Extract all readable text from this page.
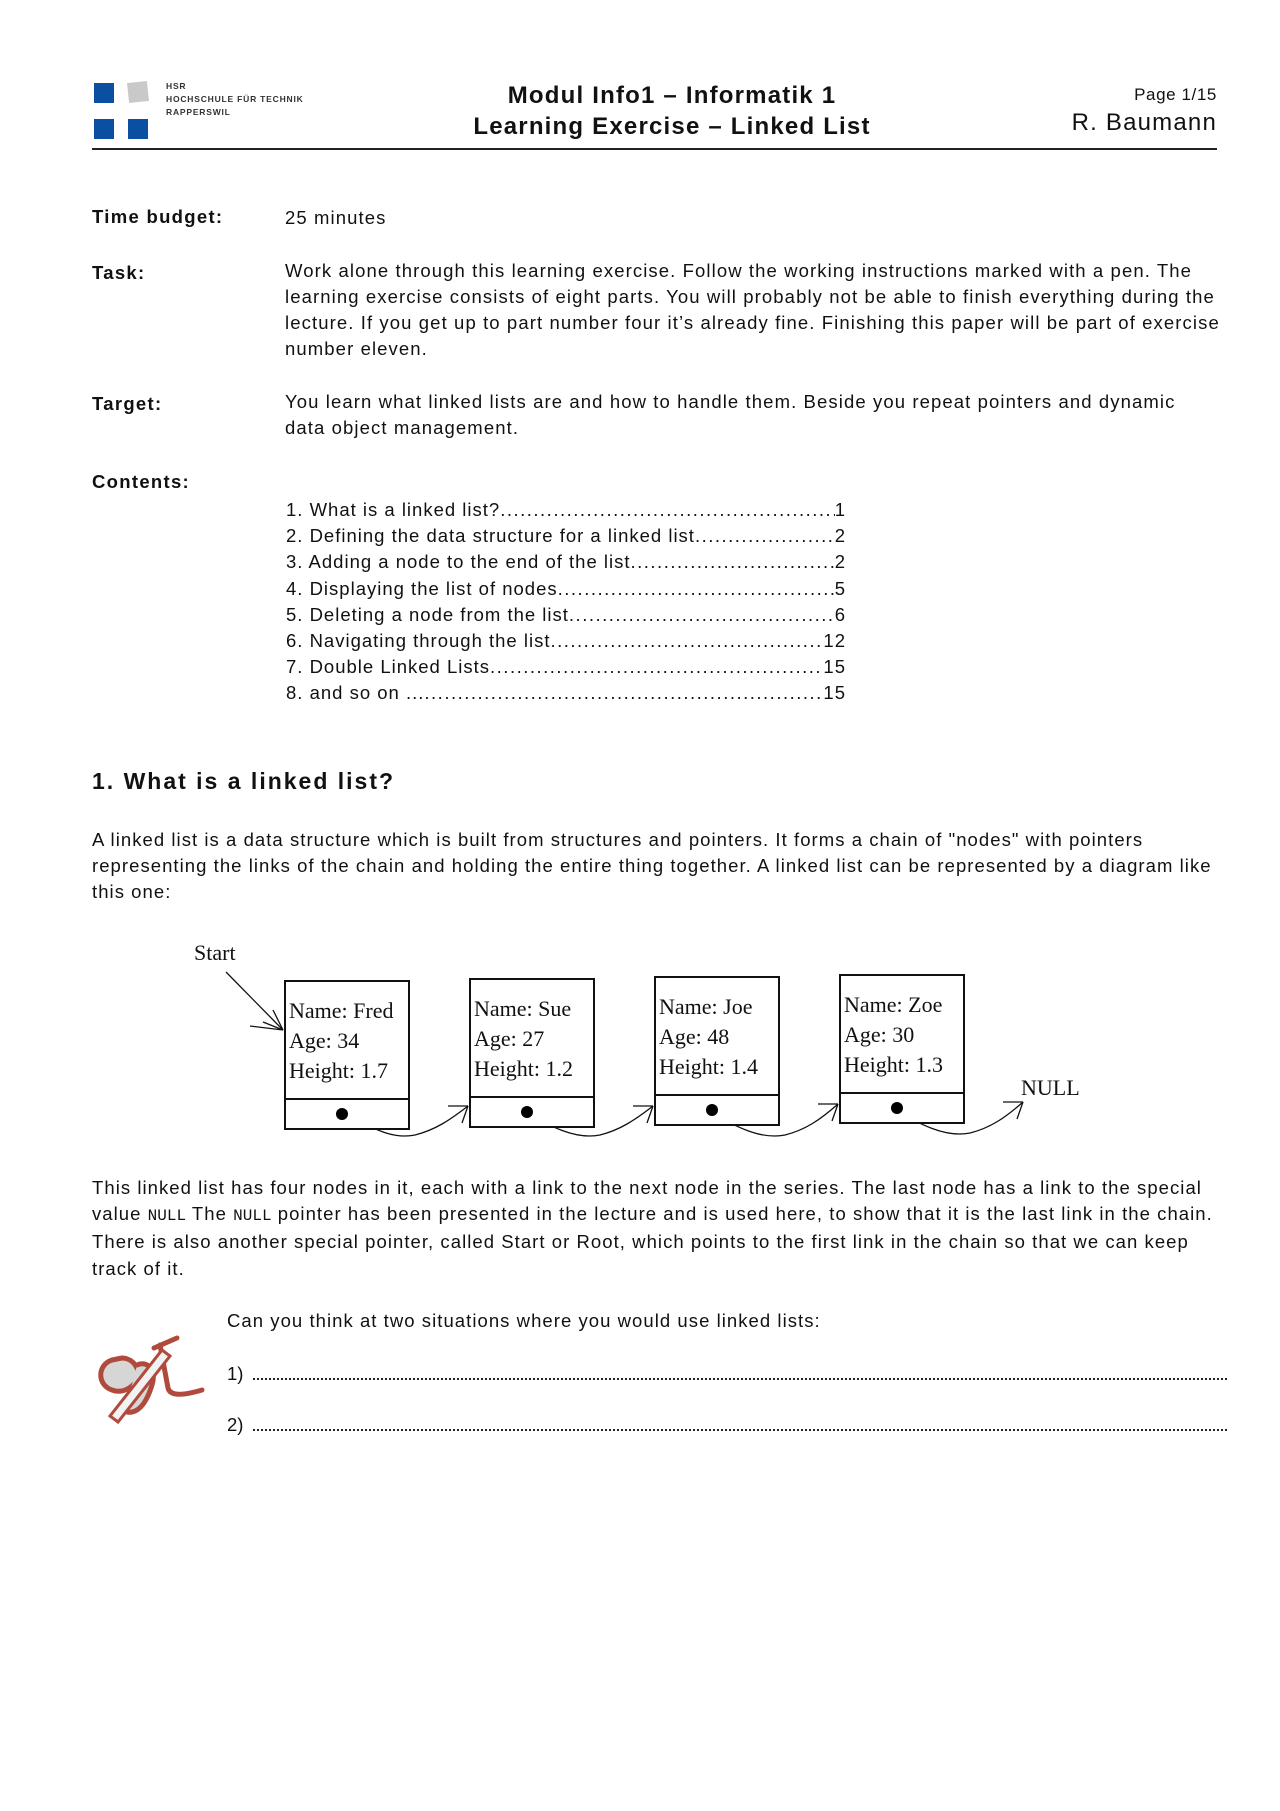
HSR
HOCHSCHULE FÜR TECHNIK
RAPPERSWIL
Modul Info1 – Informatik 1
Learning Exercise – Linked List
Page 1/15
R. Baumann
Time budget:	25 minutes
Task:	Work alone through this learning exercise. Follow the working instructions marked with a pen. The learning exercise consists of eight parts. You will probably not be able to finish everything during the lecture. If you get up to part number four it’s already fine. Finishing this paper will be part of exercise number eleven.
Target:	You learn what linked lists are and how to handle them. Beside you repeat pointers and dynamic data object management.
Contents:
1. What is a linked list? .....	1
2. Defining the data structure for a linked list .....	2
3. Adding a node to the end of the list .....	2
4. Displaying the list of nodes .....	5
5. Deleting a node from the list .....	6
6. Navigating through the list .....	12
7. Double Linked Lists .....	15
8. and so on ... .....	15
1. What is a linked list?
A linked list is a data structure which is built from structures and pointers. It forms a chain of "nodes" with pointers representing the links of the chain and holding the entire thing together. A linked list can be represented by a diagram like this one:
Start
NULL
Name: Fred
Age: 34
Height: 1.7
Name: Sue
Age: 27
Height: 1.2
Name: Joe
Age: 48
Height: 1.4
Name: Zoe
Age: 30
Height: 1.3
This linked list has four nodes in it, each with a link to the next node in the series. The last node has a link to the special value NULL The NULL pointer has been presented in the lecture and is used here, to show that it is the last link in the chain. There is also another special pointer, called Start or Root, which points to the first link in the chain so that we can keep track of it.
Can you think at two situations where you would use linked lists:
1)
2)
